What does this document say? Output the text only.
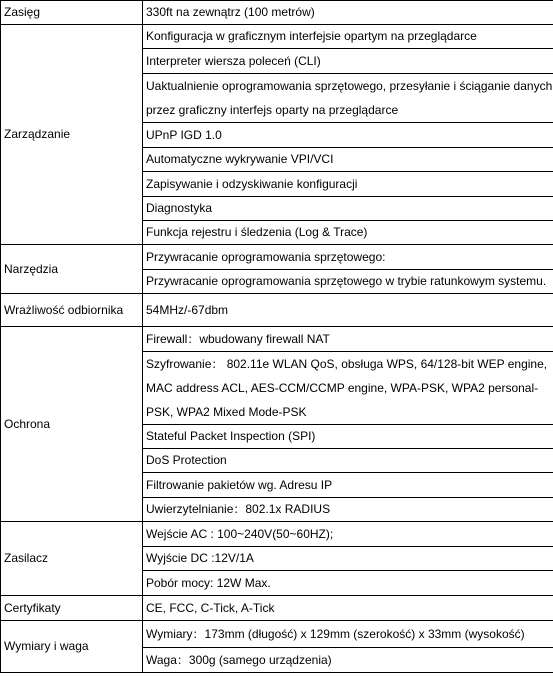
Zasięg	330ft na zewnątrz (100 metrów)
Zarządzanie	Konfiguracja w graficznym interfejsie opartym na przeglądarce
	Interpreter wiersza poleceń (CLI)
	Uaktualnienie oprogramowania sprzętowego, przesyłanie i ściąganie danych przez graficzny interfejs oparty na przeglądarce
	UPnP IGD 1.0
	Automatyczne wykrywanie VPI/VCI
	Zapisywanie i odzyskiwanie konfiguracji
	Diagnostyka
	Funkcja rejestru i śledzenia (Log & Trace)
Narzędzia	Przywracanie oprogramowania sprzętowego:
	Przywracanie oprogramowania sprzętowego w trybie ratunkowym systemu.
Wrażliwość odbiornika	54MHz/-67dbm
Ochrona	Firewall：wbudowany firewall NAT
	Szyfrowanie： 802.11e WLAN QoS, obsługa WPS, 64/128-bit WEP engine, MAC address ACL, AES-CCM/CCMP engine, WPA-PSK, WPA2 personal-PSK, WPA2 Mixed Mode-PSK
	Stateful Packet Inspection (SPI)
	DoS Protection
	Filtrowanie pakietów wg. Adresu IP
	Uwierzytelnianie：802.1x RADIUS
Zasilacz	Wejście AC : 100~240V(50~60HZ);
	Wyjście DC :12V/1A
	Pobór mocy: 12W Max.
Certyfikaty	CE, FCC, C-Tick, A-Tick
Wymiary i waga	Wymiary：173mm (długość) x 129mm (szerokość) x 33mm (wysokość)
	Waga：300g (samego urządzenia)
